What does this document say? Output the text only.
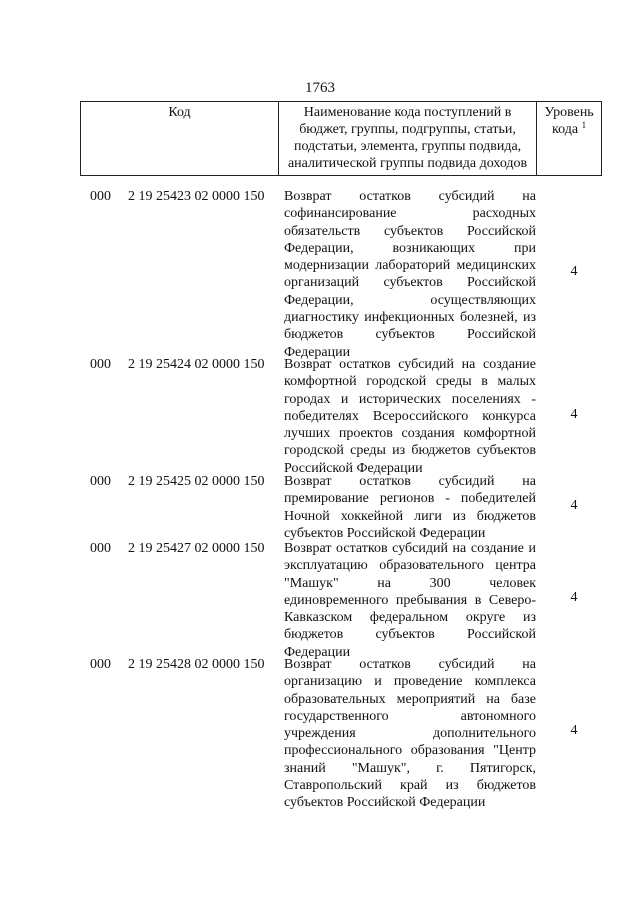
1763
Код	Наименование кода поступлений в бюджет, группы, подгруппы, статьи, подстатьи, элемента, группы подвида, аналитической группы подвида доходов	Уровень кода $^1$
000 2 19 25423 02 0000 150 Возврат остатков субсидий на софинансирование расходных обязательств субъектов Российской Федерации, возникающих при модернизации лабораторий медицинских организаций субъектов Российской Федерации, осуществляющих диагностику инфекционных болезней, из бюджетов субъектов Российской Федерации
4
000 2 19 25424 02 0000 150 Возврат остатков субсидий на создание комфортной городской среды в малых городах и исторических поселениях - победителях Всероссийского конкурса лучших проектов создания комфортной городской среды из бюджетов субъектов Российской Федерации
4
000 2 19 25425 02 0000 150 Возврат остатков субсидий на премирование регионов - победителей Ночной хоккейной лиги из бюджетов субъектов Российской Федерации
4
000 2 19 25427 02 0000 150 Возврат остатков субсидий на создание и эксплуатацию образовательного центра "Машук" на 300 человек единовременного пребывания в Северо-Кавказском федеральном округе из бюджетов субъектов Российской Федерации
4
000 2 19 25428 02 0000 150 Возврат остатков субсидий на организацию и проведение комплекса образовательных мероприятий на базе государственного автономного учреждения дополнительного профессионального образования "Центр знаний "Машук", г. Пятигорск, Ставропольский край из бюджетов субъектов Российской Федерации
4
